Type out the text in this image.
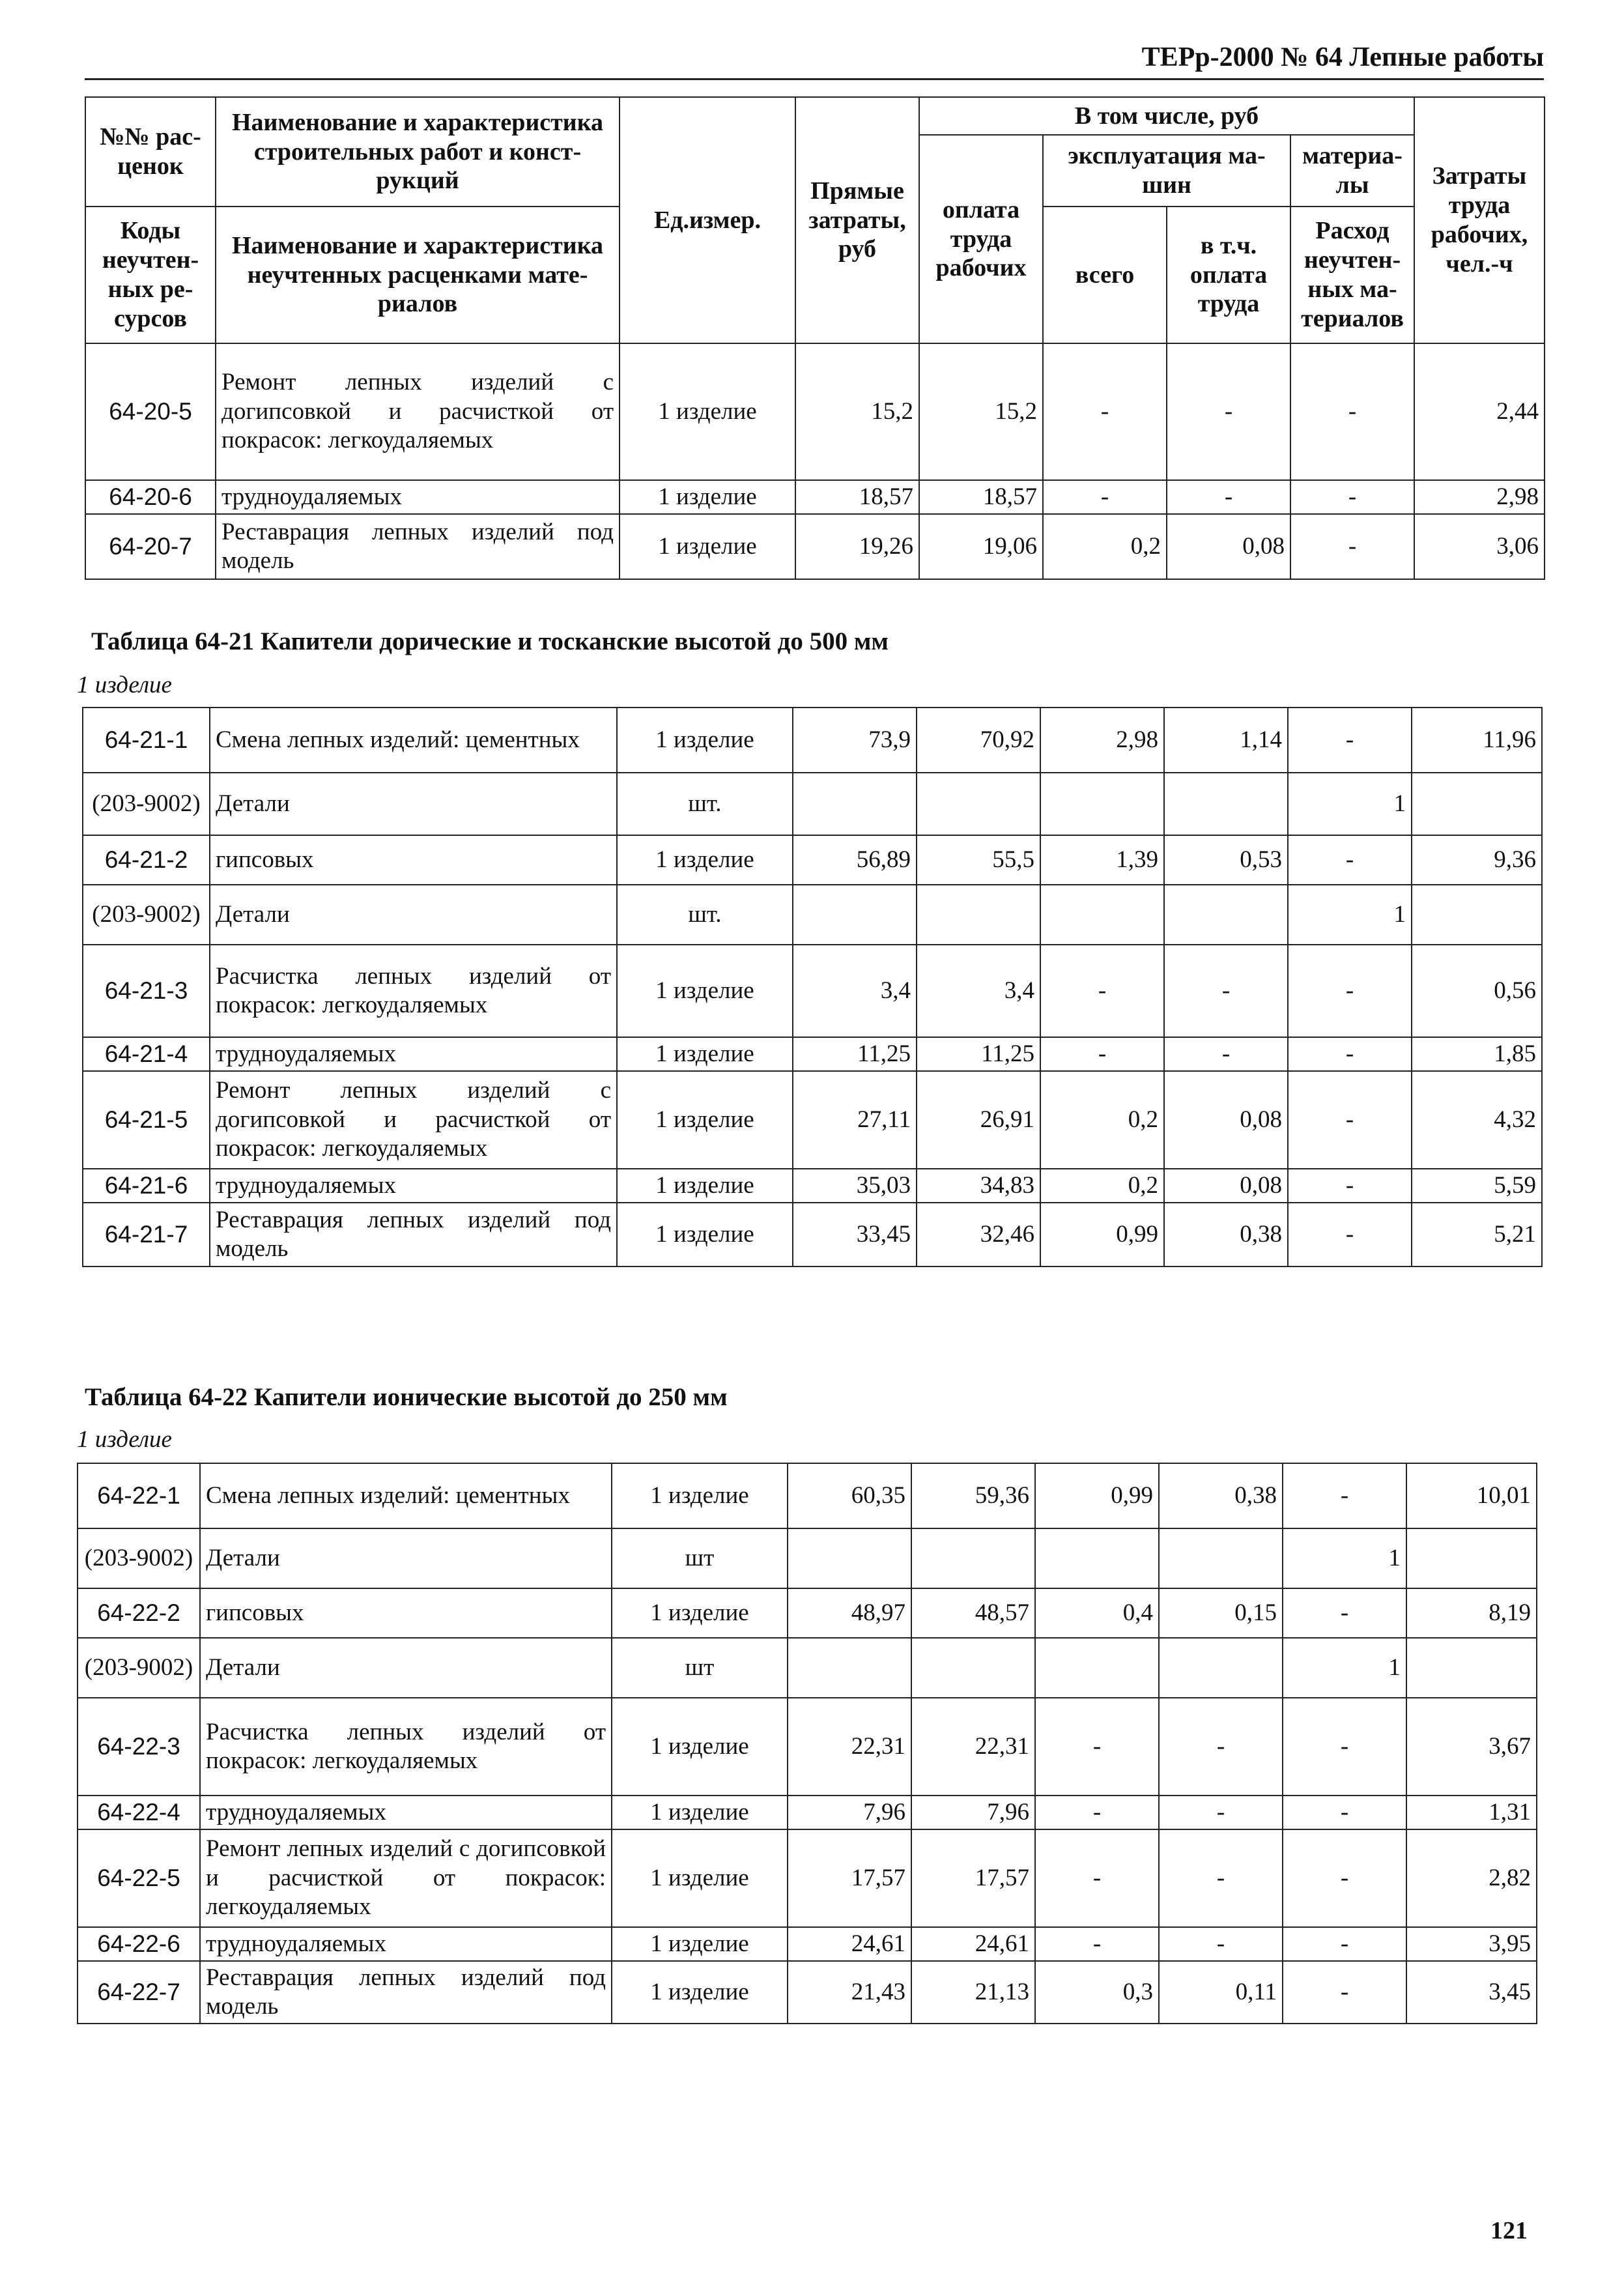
ТЕРр-2000 № 64 Лепные работы
№№ рас-ценок	Наименование и характеристика строительных работ и конст-рукций	Ед.измер.	Прямые затраты, руб	В том числе, руб				Затраты труда рабочих, чел.-ч
				оплата труда рабочих	эксплуатация ма-шин		материа-лы	
Коды неучтен-ных ре-сурсов	Наименование и характеристика неучтенных расценками мате-риалов				всего	в т.ч. оплата труда	Расход неучтен-ных ма-териалов	

64-20-5	Ремонт лепных изделий с догипсовкой и расчисткой от покрасок: легкоудаляемых	1 изделие	15,2	15,2	-	-	-	2,44
64-20-6	трудноудаляемых	1 изделие	18,57	18,57	-	-	-	2,98
64-20-7	Реставрация лепных изделий под модель	1 изделие	19,26	19,06	0,2	0,08	-	3,06
Таблица 64-21 Капители дорические и тосканские высотой до 500 мм
1 изделие
64-21-1	Смена лепных изделий: цементных	1 изделие	73,9	70,92	2,98	1,14	-	11,96
(203-9002)	Детали	шт.					1	
64-21-2	гипсовых	1 изделие	56,89	55,5	1,39	0,53	-	9,36
(203-9002)	Детали	шт.					1	
64-21-3	Расчистка лепных изделий от покрасок: легкоудаляемых	1 изделие	3,4	3,4	-	-	-	0,56
64-21-4	трудноудаляемых	1 изделие	11,25	11,25	-	-	-	1,85
64-21-5	Ремонт лепных изделий с догипсовкой и расчисткой от покрасок: легкоудаляемых	1 изделие	27,11	26,91	0,2	0,08	-	4,32
64-21-6	трудноудаляемых	1 изделие	35,03	34,83	0,2	0,08	-	5,59
64-21-7	Реставрация лепных изделий под модель	1 изделие	33,45	32,46	0,99	0,38	-	5,21
Таблица 64-22 Капители ионические высотой до 250 мм
1 изделие
64-22-1	Смена лепных изделий: цементных	1 изделие	60,35	59,36	0,99	0,38	-	10,01
(203-9002)	Детали	шт					1	
64-22-2	гипсовых	1 изделие	48,97	48,57	0,4	0,15	-	8,19
(203-9002)	Детали	шт					1	
64-22-3	Расчистка лепных изделий от покрасок: легкоудаляемых	1 изделие	22,31	22,31	-	-	-	3,67
64-22-4	трудноудаляемых	1 изделие	7,96	7,96	-	-	-	1,31
64-22-5	Ремонт лепных изделий с догипсовкой и расчисткой от покрасок: легкоудаляемых	1 изделие	17,57	17,57	-	-	-	2,82
64-22-6	трудноудаляемых	1 изделие	24,61	24,61	-	-	-	3,95
64-22-7	Реставрация лепных изделий под модель	1 изделие	21,43	21,13	0,3	0,11	-	3,45
121
